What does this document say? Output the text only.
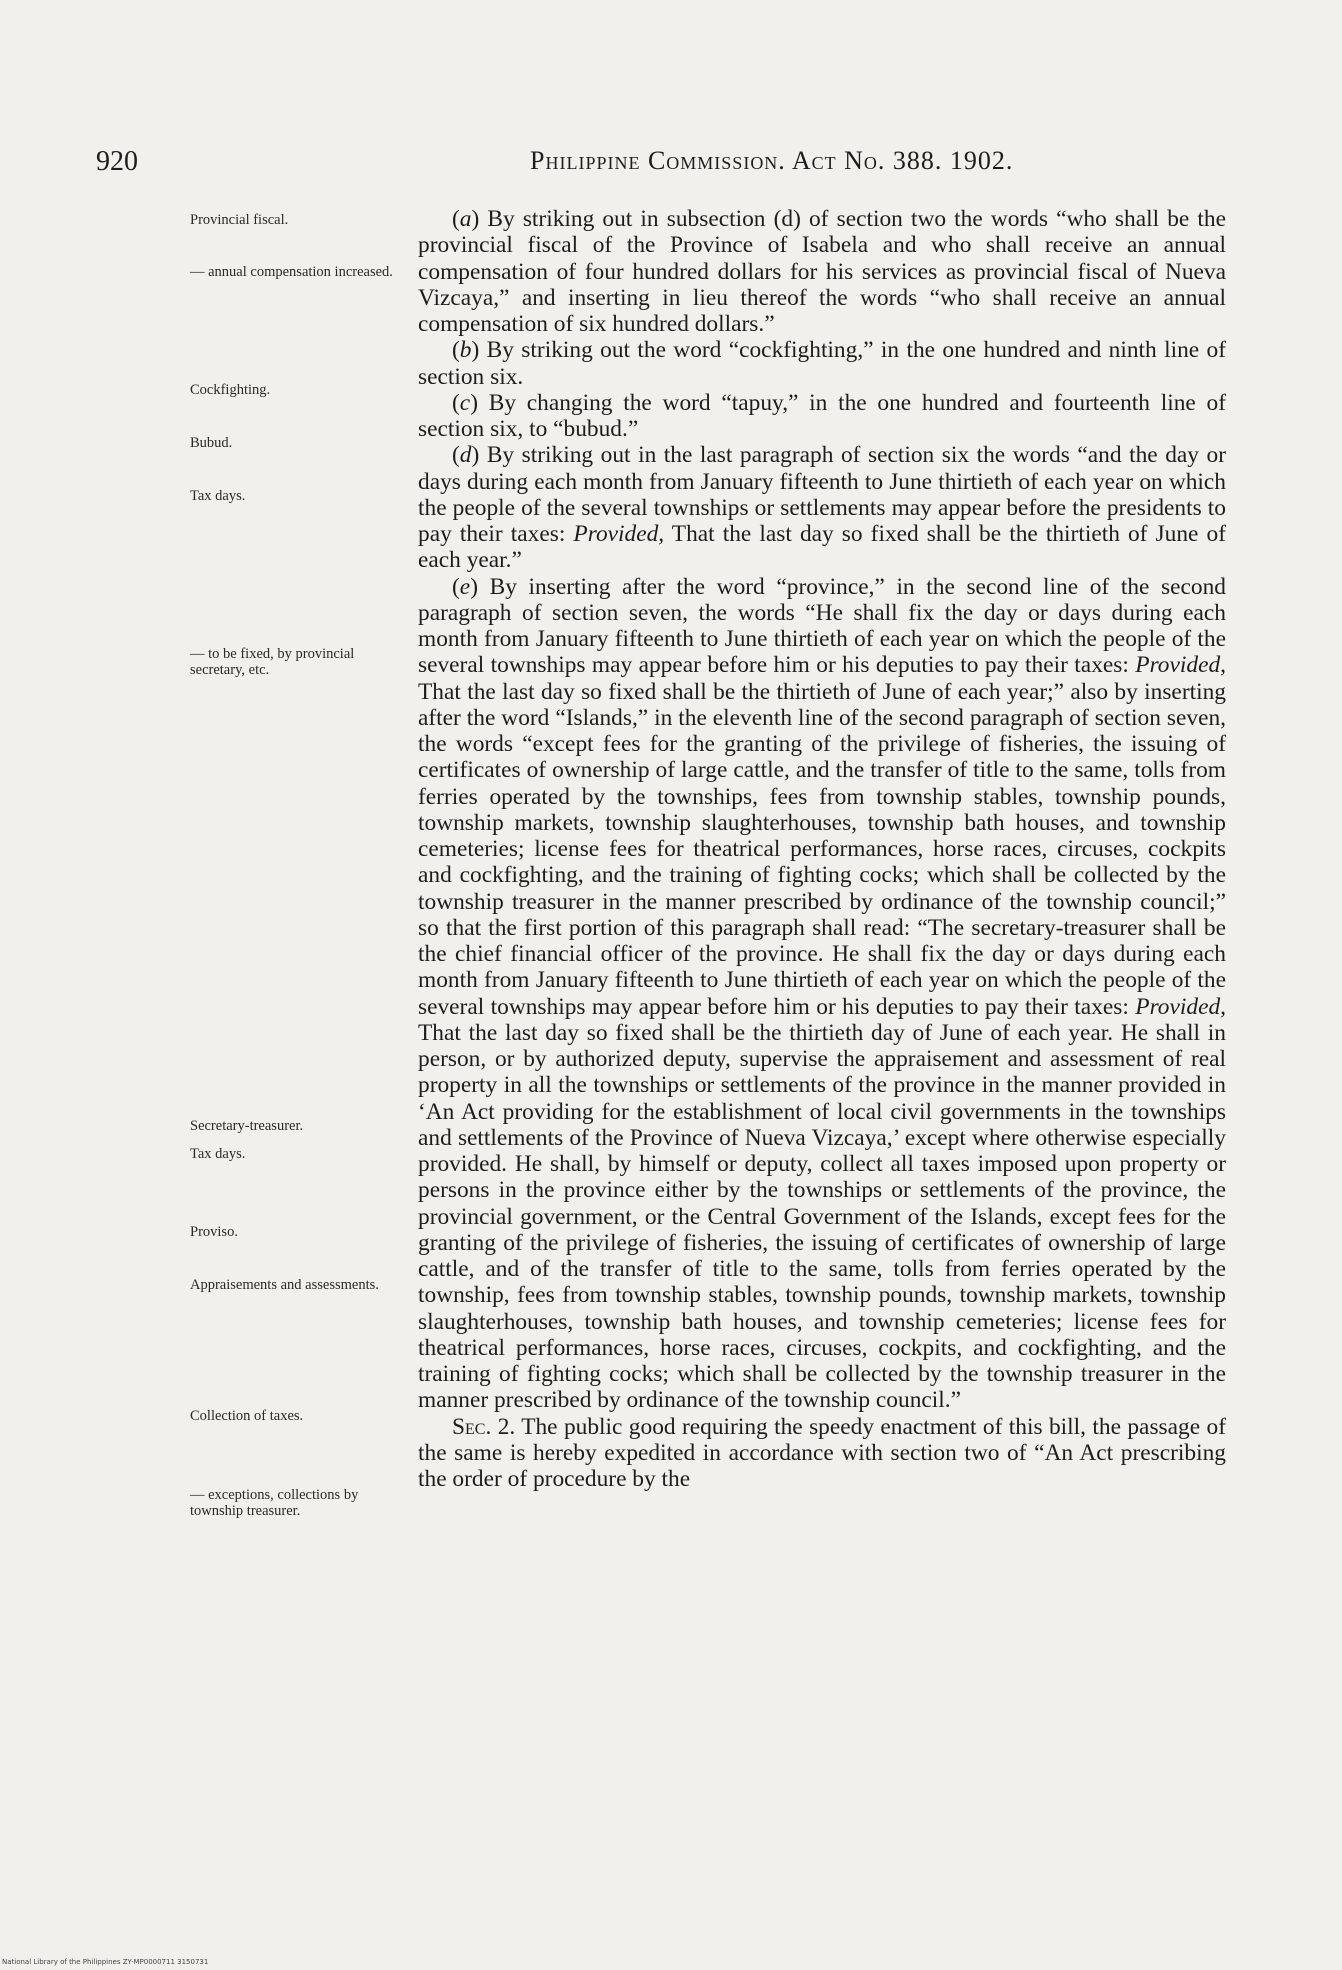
920	Philippine Commission. Act No. 388. 1902.
Provincial fiscal.
— annual compensation increased.
Cockfighting.
Bubud.
Tax days.
— to be fixed, by provincial secretary, etc.
Secretary-treasurer.
Tax days.
Proviso.
Appraisements and assessments.
Collection of taxes.
— exceptions, collections by township treasurer.

(a) By striking out in subsection (d) of section two the words “who shall be the provincial fiscal of the Province of Isabela and who shall receive an annual compensation of four hundred dollars for his services as provincial fiscal of Nueva Vizcaya,” and inserting in lieu thereof the words “who shall receive an annual compensation of six hundred dollars.”

(b) By striking out the word “cockfighting,” in the one hundred and ninth line of section six.

(c) By changing the word “tapuy,” in the one hundred and fourteenth line of section six, to “bubud.”

(d) By striking out in the last paragraph of section six the words “and the day or days during each month from January fifteenth to June thirtieth of each year on which the people of the several townships or settlements may appear before the presidents to pay their taxes: Provided, That the last day so fixed shall be the thirtieth of June of each year.”

(e) By inserting after the word “province,” in the second line of the second paragraph of section seven, the words “He shall fix the day or days during each month from January fifteenth to June thirtieth of each year on which the people of the several townships may appear before him or his deputies to pay their taxes: Provided, That the last day so fixed shall be the thirtieth of June of each year;” also by inserting after the word “Islands,” in the eleventh line of the second paragraph of section seven, the words “except fees for the granting of the privilege of fisheries, the issuing of certificates of ownership of large cattle, and the transfer of title to the same, tolls from ferries operated by the townships, fees from township stables, township pounds, township markets, township slaughterhouses, township bath houses, and township cemeteries; license fees for theatrical performances, horse races, circuses, cockpits and cockfighting, and the training of fighting cocks; which shall be collected by the township treasurer in the manner prescribed by ordinance of the township council;” so that the first portion of this paragraph shall read: “The secretary-treasurer shall be the chief financial officer of the province. He shall fix the day or days during each month from January fifteenth to June thirtieth of each year on which the people of the several townships may appear before him or his deputies to pay their taxes: Provided, That the last day so fixed shall be the thirtieth day of June of each year. He shall in person, or by authorized deputy, supervise the appraisement and assessment of real property in all the townships or settlements of the province in the manner provided in ‘An Act providing for the establishment of local civil governments in the townships and settlements of the Province of Nueva Vizcaya,’ except where otherwise especially provided. He shall, by himself or deputy, collect all taxes imposed upon property or persons in the province either by the townships or settlements of the province, the provincial government, or the Central Government of the Islands, except fees for the granting of the privilege of fisheries, the issuing of certificates of ownership of large cattle, and of the transfer of title to the same, tolls from ferries operated by the township, fees from township stables, township pounds, township markets, township slaughterhouses, township bath houses, and township cemeteries; license fees for theatrical performances, horse races, circuses, cockpits, and cockfighting, and the training of fighting cocks; which shall be collected by the township treasurer in the manner prescribed by ordinance of the township council.”

Sec. 2. The public good requiring the speedy enactment of this bill, the passage of the same is hereby expedited in accordance with section two of “An Act prescribing the order of procedure by the

National Library of the Philippines ZY-MP0000711 3150731
